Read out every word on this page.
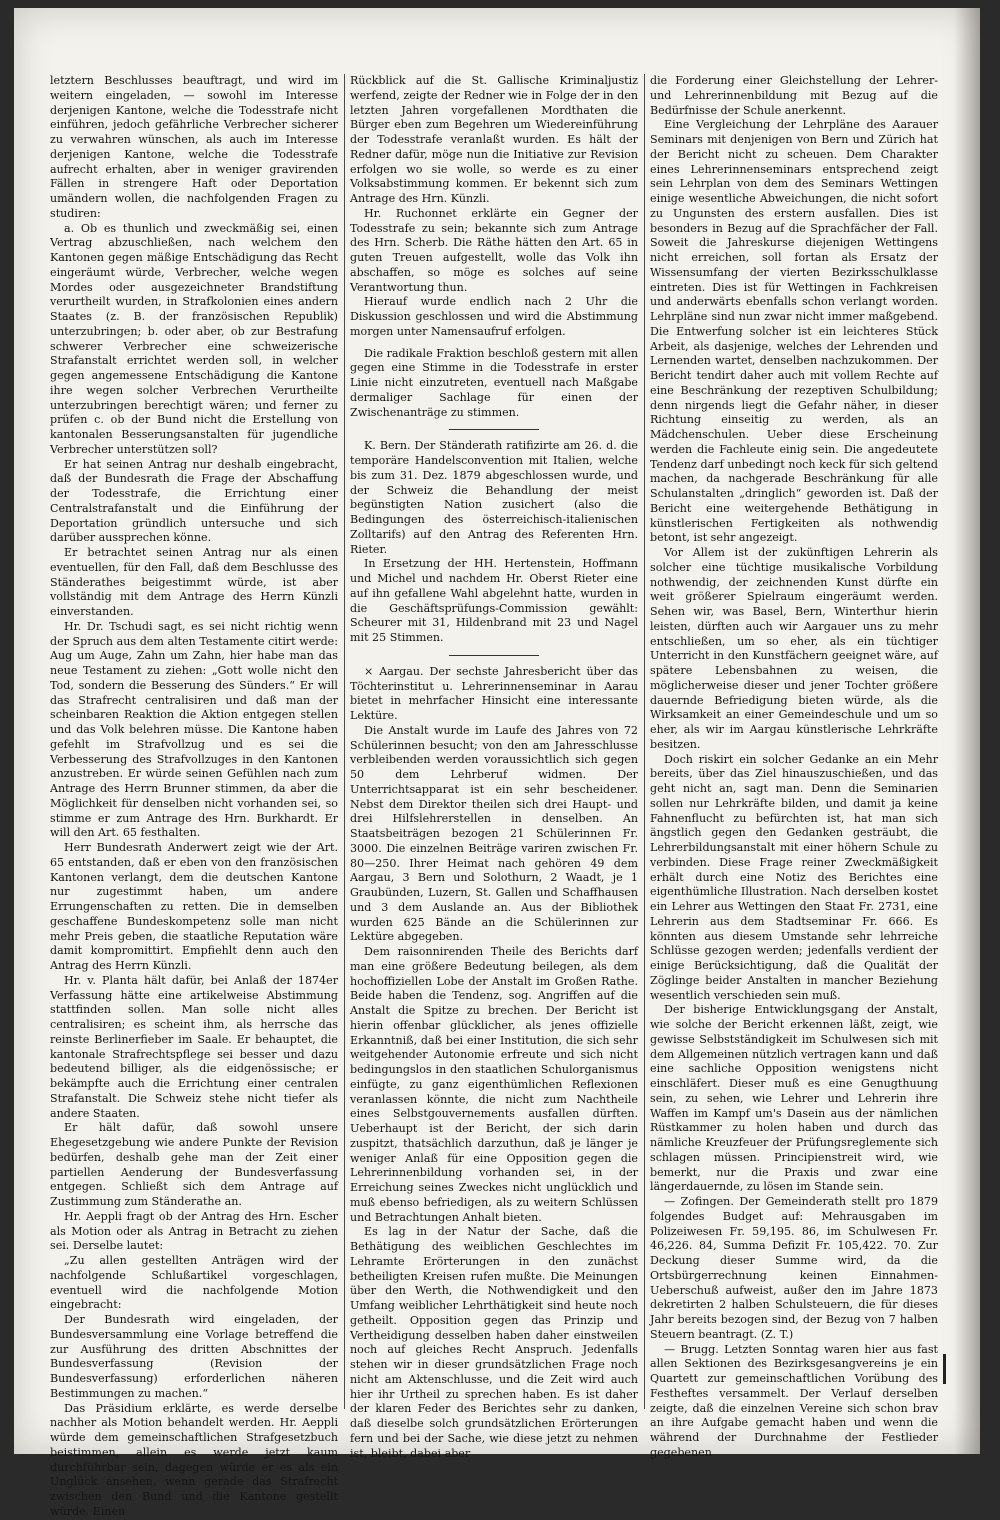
letztern Beschlusses beauftragt, und wird im weitern eingeladen, — sowohl im Interesse derjenigen Kantone, welche die Todesstrafe nicht einführen, jedoch gefährliche Verbrecher sicherer zu verwahren wünschen, als auch im Interesse derjenigen Kantone, welche die Todesstrafe aufrecht erhalten, aber in weniger gravirenden Fällen in strengere Haft oder Deportation umändern wollen, die nachfolgenden Fragen zu studiren:

a. Ob es thunlich und zweckmäßig sei, einen Vertrag abzuschließen, nach welchem den Kantonen gegen mäßige Entschädigung das Recht eingeräumt würde, Verbrecher, welche wegen Mordes oder ausgezeichneter Brandstiftung verurtheilt wurden, in Strafkolonien eines andern Staates (z. B. der französischen Republik) unterzubringen; b. oder aber, ob zur Bestrafung schwerer Verbrecher eine schweizerische Strafanstalt errichtet werden soll, in welcher gegen angemessene Entschädigung die Kantone ihre wegen solcher Verbrechen Verurtheilte unterzubringen berechtigt wären; und ferner zu prüfen c. ob der Bund nicht die Erstellung von kantonalen Besserungsanstalten für jugendliche Verbrecher unterstützen soll?

Er hat seinen Antrag nur deshalb eingebracht, daß der Bundesrath die Frage der Abschaffung der Todesstrafe, die Errichtung einer Centralstrafanstalt und die Einführung der Deportation gründlich untersuche und sich darüber aussprechen könne.

Er betrachtet seinen Antrag nur als einen eventuellen, für den Fall, daß dem Beschlusse des Ständerathes beigestimmt würde, ist aber vollständig mit dem Antrage des Herrn Künzli einverstanden.

Hr. Dr. Tschudi sagt, es sei nicht richtig wenn der Spruch aus dem alten Testamente citirt werde: Aug um Auge, Zahn um Zahn, hier habe man das neue Testament zu ziehen: „Gott wolle nicht den Tod, sondern die Besserung des Sünders.“ Er will das Strafrecht centralisiren und daß man der scheinbaren Reaktion die Aktion entgegen stellen und das Volk belehren müsse. Die Kantone haben gefehlt im Strafvollzug und es sei die Verbesserung des Strafvollzuges in den Kantonen anzustreben. Er würde seinen Gefühlen nach zum Antrage des Herrn Brunner stimmen, da aber die Möglichkeit für denselben nicht vorhanden sei, so stimme er zum Antrage des Hrn. Burkhardt. Er will den Art. 65 festhalten.

Herr Bundesrath Anderwert zeigt wie der Art. 65 entstanden, daß er eben von den französischen Kantonen verlangt, dem die deutschen Kantone nur zugestimmt haben, um andere Errungenschaften zu retten. Die in demselben geschaffene Bundeskompetenz solle man nicht mehr Preis geben, die staatliche Reputation wäre damit kompromittirt. Empfiehlt denn auch den Antrag des Herrn Künzli.

Hr. v. Planta hält dafür, bei Anlaß der 1874er Verfassung hätte eine artikelweise Abstimmung stattfinden sollen. Man solle nicht alles centralisiren; es scheint ihm, als herrsche das reinste Berlinerfieber im Saale. Er behauptet, die kantonale Strafrechtspflege sei besser und dazu bedeutend billiger, als die eidgenössische; er bekämpfte auch die Errichtung einer centralen Strafanstalt. Die Schweiz stehe nicht tiefer als andere Staaten.

Er hält dafür, daß sowohl unsere Ehegesetzgebung wie andere Punkte der Revision bedürfen, deshalb gehe man der Zeit einer partiellen Aenderung der Bundesverfassung entgegen. Schließt sich dem Antrage auf Zustimmung zum Ständerathe an.

Hr. Aeppli fragt ob der Antrag des Hrn. Escher als Motion oder als Antrag in Betracht zu ziehen sei. Derselbe lautet:

„Zu allen gestellten Anträgen wird der nachfolgende Schlußartikel vorgeschlagen, eventuell wird die nachfolgende Motion eingebracht:

Der Bundesrath wird eingeladen, der Bundesversammlung eine Vorlage betreffend die zur Ausführung des dritten Abschnittes der Bundesverfassung (Revision der Bundesverfassung) erforderlichen näheren Bestimmungen zu machen.“

Das Präsidium erklärte, es werde derselbe nachher als Motion behandelt werden. Hr. Aeppli würde dem gemeinschaftlichen Strafgesetzbuch beistimmen, allein es werde jetzt kaum durchführbar sein, dagegen würde er es als ein Unglück ansehen, wenn gerade das Strafrecht zwischen den Bund und die Kantone gestellt würde. Einen

Rückblick auf die St. Gallische Kriminaljustiz werfend, zeigte der Redner wie in Folge der in den letzten Jahren vorgefallenen Mordthaten die Bürger eben zum Begehren um Wiedereinführung der Todesstrafe veranlaßt wurden. Es hält der Redner dafür, möge nun die Initiative zur Revision erfolgen wo sie wolle, so werde es zu einer Volksabstimmung kommen. Er bekennt sich zum Antrage des Hrn. Künzli.

Hr. Ruchonnet erklärte ein Gegner der Todesstrafe zu sein; bekannte sich zum Antrage des Hrn. Scherb. Die Räthe hätten den Art. 65 in guten Treuen aufgestellt, wolle das Volk ihn abschaffen, so möge es solches auf seine Verantwortung thun.

Hierauf wurde endlich nach 2 Uhr die Diskussion geschlossen und wird die Abstimmung morgen unter Namensaufruf erfolgen.

Die radikale Fraktion beschloß gestern mit allen gegen eine Stimme in die Todesstrafe in erster Linie nicht einzutreten, eventuell nach Maßgabe dermaliger Sachlage für einen der Zwischenanträge zu stimmen.

K. Bern. Der Ständerath ratifizirte am 26. d. die temporäre Handelsconvention mit Italien, welche bis zum 31. Dez. 1879 abgeschlossen wurde, und der Schweiz die Behandlung der meist begünstigten Nation zusichert (also die Bedingungen des österreichisch-italienischen Zolltarifs) auf den Antrag des Referenten Hrn. Rieter.

In Ersetzung der HH. Hertenstein, Hoffmann und Michel und nachdem Hr. Oberst Rieter eine auf ihn gefallene Wahl abgelehnt hatte, wurden in die Geschäftsprüfungs-Commission gewählt: Scheurer mit 31, Hildenbrand mit 23 und Nagel mit 25 Stimmen.

× Aargau. Der sechste Jahresbericht über das Töchterinstitut u. Lehrerinnenseminar in Aarau bietet in mehrfacher Hinsicht eine interessante Lektüre.

Die Anstalt wurde im Laufe des Jahres von 72 Schülerinnen besucht; von den am Jahresschlusse verbleibenden werden voraussichtlich sich gegen 50 dem Lehrberuf widmen. Der Unterrichtsapparat ist ein sehr bescheidener. Nebst dem Direktor theilen sich drei Haupt- und drei Hilfslehrerstellen in denselben. An Staatsbeiträgen bezogen 21 Schülerinnen Fr. 3000. Die einzelnen Beiträge variren zwischen Fr. 80—250. Ihrer Heimat nach gehören 49 dem Aargau, 3 Bern und Solothurn, 2 Waadt, je 1 Graubünden, Luzern, St. Gallen und Schaffhausen und 3 dem Auslande an. Aus der Bibliothek wurden 625 Bände an die Schülerinnen zur Lektüre abgegeben.

Dem raisonnirenden Theile des Berichts darf man eine größere Bedeutung beilegen, als dem hochoffiziellen Lobe der Anstalt im Großen Rathe. Beide haben die Tendenz, sog. Angriffen auf die Anstalt die Spitze zu brechen. Der Bericht ist hierin offenbar glücklicher, als jenes offizielle Erkanntniß, daß bei einer Institution, die sich sehr weitgehender Autonomie erfreute und sich nicht bedingungslos in den staatlichen Schulorganismus einfügte, zu ganz eigenthümlichen Reflexionen veranlassen könnte, die nicht zum Nachtheile eines Selbstgouvernements ausfallen dürften. Ueberhaupt ist der Bericht, der sich darin zuspitzt, thatsächlich darzuthun, daß je länger je weniger Anlaß für eine Opposition gegen die Lehrerinnenbildung vorhanden sei, in der Erreichung seines Zweckes nicht unglücklich und muß ebenso befriedigen, als zu weitern Schlüssen und Betrachtungen Anhalt bieten.

Es lag in der Natur der Sache, daß die Bethätigung des weiblichen Geschlechtes im Lehramte Erörterungen in den zunächst betheiligten Kreisen rufen mußte. Die Meinungen über den Werth, die Nothwendigkeit und den Umfang weiblicher Lehrthätigkeit sind heute noch getheilt. Opposition gegen das Prinzip und Vertheidigung desselben haben daher einstweilen noch auf gleiches Recht Anspruch. Jedenfalls stehen wir in dieser grundsätzlichen Frage noch nicht am Aktenschlusse, und die Zeit wird auch hier ihr Urtheil zu sprechen haben. Es ist daher der klaren Feder des Berichtes sehr zu danken, daß dieselbe solch grundsätzlichen Erörterungen fern und bei der Sache, wie diese jetzt zu nehmen ist, bleibt, dabei aber

die Forderung einer Gleichstellung der Lehrer- und Lehrerinnenbildung mit Bezug auf die Bedürfnisse der Schule anerkennt.

Eine Vergleichung der Lehrpläne des Aarauer Seminars mit denjenigen von Bern und Zürich hat der Bericht nicht zu scheuen. Dem Charakter eines Lehrerinnenseminars entsprechend zeigt sein Lehrplan von dem des Seminars Wettingen einige wesentliche Abweichungen, die nicht sofort zu Ungunsten des erstern ausfallen. Dies ist besonders in Bezug auf die Sprachfächer der Fall. Soweit die Jahreskurse diejenigen Wettingens nicht erreichen, soll fortan als Ersatz der Wissensumfang der vierten Bezirksschulklasse eintreten. Dies ist für Wettingen in Fachkreisen und anderwärts ebenfalls schon verlangt worden. Lehrpläne sind nun zwar nicht immer maßgebend. Die Entwerfung solcher ist ein leichteres Stück Arbeit, als dasjenige, welches der Lehrenden und Lernenden wartet, denselben nachzukommen. Der Bericht tendirt daher auch mit vollem Rechte auf eine Beschränkung der rezeptiven Schulbildung; denn nirgends liegt die Gefahr näher, in dieser Richtung einseitig zu werden, als an Mädchenschulen. Ueber diese Erscheinung werden die Fachleute einig sein. Die angedeutete Tendenz darf unbedingt noch keck für sich geltend machen, da nachgerade Beschränkung für alle Schulanstalten „dringlich“ geworden ist. Daß der Bericht eine weitergehende Bethätigung in künstlerischen Fertigkeiten als nothwendig betont, ist sehr angezeigt.

Vor Allem ist der zukünftigen Lehrerin als solcher eine tüchtige musikalische Vorbildung nothwendig, der zeichnenden Kunst dürfte ein weit größerer Spielraum eingeräumt werden. Sehen wir, was Basel, Bern, Winterthur hierin leisten, dürften auch wir Aargauer uns zu mehr entschließen, um so eher, als ein tüchtiger Unterricht in den Kunstfächern geeignet wäre, auf spätere Lebensbahnen zu weisen, die möglicherweise dieser und jener Tochter größere dauernde Befriedigung bieten würde, als die Wirksamkeit an einer Gemeindeschule und um so eher, als wir im Aargau künstlerische Lehrkräfte besitzen.

Doch riskirt ein solcher Gedanke an ein Mehr bereits, über das Ziel hinauszuschießen, und das geht nicht an, sagt man. Denn die Seminarien sollen nur Lehrkräfte bilden, und damit ja keine Fahnenflucht zu befürchten ist, hat man sich ängstlich gegen den Gedanken gesträubt, die Lehrerbildungsanstalt mit einer höhern Schule zu verbinden. Diese Frage reiner Zweckmäßigkeit erhält durch eine Notiz des Berichtes eine eigenthümliche Illustration. Nach derselben kostet ein Lehrer aus Wettingen den Staat Fr. 2731, eine Lehrerin aus dem Stadtseminar Fr. 666. Es könnten aus diesem Umstande sehr lehrreiche Schlüsse gezogen werden; jedenfalls verdient der einige Berücksichtigung, daß die Qualität der Zöglinge beider Anstalten in mancher Beziehung wesentlich verschieden sein muß.

Der bisherige Entwicklungsgang der Anstalt, wie solche der Bericht erkennen läßt, zeigt, wie gewisse Selbstständigkeit im Schulwesen sich mit dem Allgemeinen nützlich vertragen kann und daß eine sachliche Opposition wenigstens nicht einschläfert. Dieser muß es eine Genugthuung sein, zu sehen, wie Lehrer und Lehrerin ihre Waffen im Kampf um's Dasein aus der nämlichen Rüstkammer zu holen haben und durch das nämliche Kreuzfeuer der Prüfungsreglemente sich schlagen müssen. Principienstreit wird, wie bemerkt, nur die Praxis und zwar eine längerdauernde, zu lösen im Stande sein.

— Zofingen. Der Gemeinderath stellt pro 1879 folgendes Budget auf: Mehrausgaben im Polizeiwesen Fr. 59,195. 86, im Schulwesen Fr. 46,226. 84, Summa Defizit Fr. 105,422. 70. Zur Deckung dieser Summe wird, da die Ortsbürgerrechnung keinen Einnahmen-Ueberschuß aufweist, außer den im Jahre 1873 dekretirten 2 halben Schulsteuern, die für dieses Jahr bereits bezogen sind, der Bezug von 7 halben Steuern beantragt. (Z. T.)

— Brugg. Letzten Sonntag waren hier aus fast allen Sektionen des Bezirksgesangvereins je ein Quartett zur gemeinschaftlichen Vorübung des Festheftes versammelt. Der Verlauf derselben zeigte, daß die einzelnen Vereine sich schon brav an ihre Aufgabe gemacht haben und wenn die während der Durchnahme der Festlieder gegebenen
